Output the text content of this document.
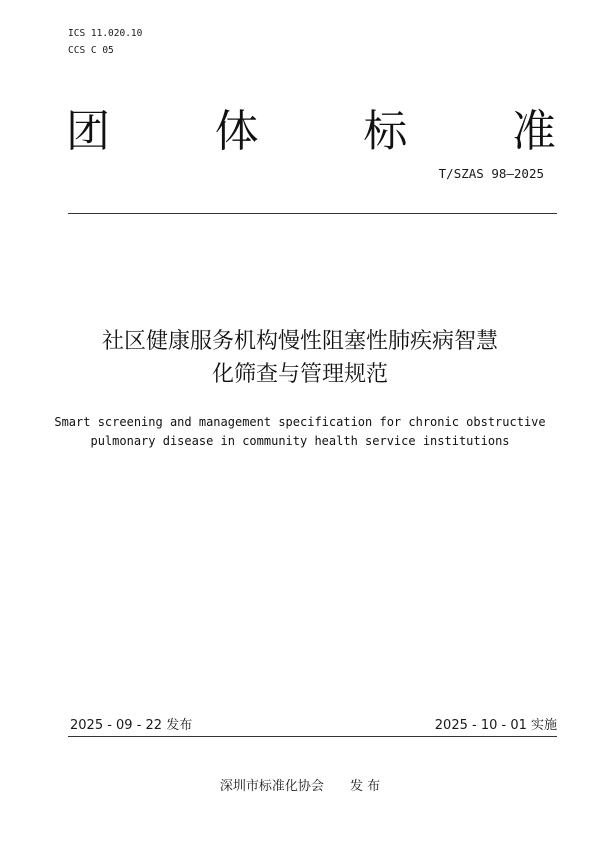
ICS 11.020.10
CCS C 05
团 体 标 准
T/SZAS 98—2025
社区健康服务机构慢性阻塞性肺疾病智慧
化筛查与管理规范
Smart screening and management specification for chronic obstructive
pulmonary disease in community health service institutions
2025 - 09 - 22 发布	2025 - 10 - 01 实施
深圳市标准化协会 发 布
